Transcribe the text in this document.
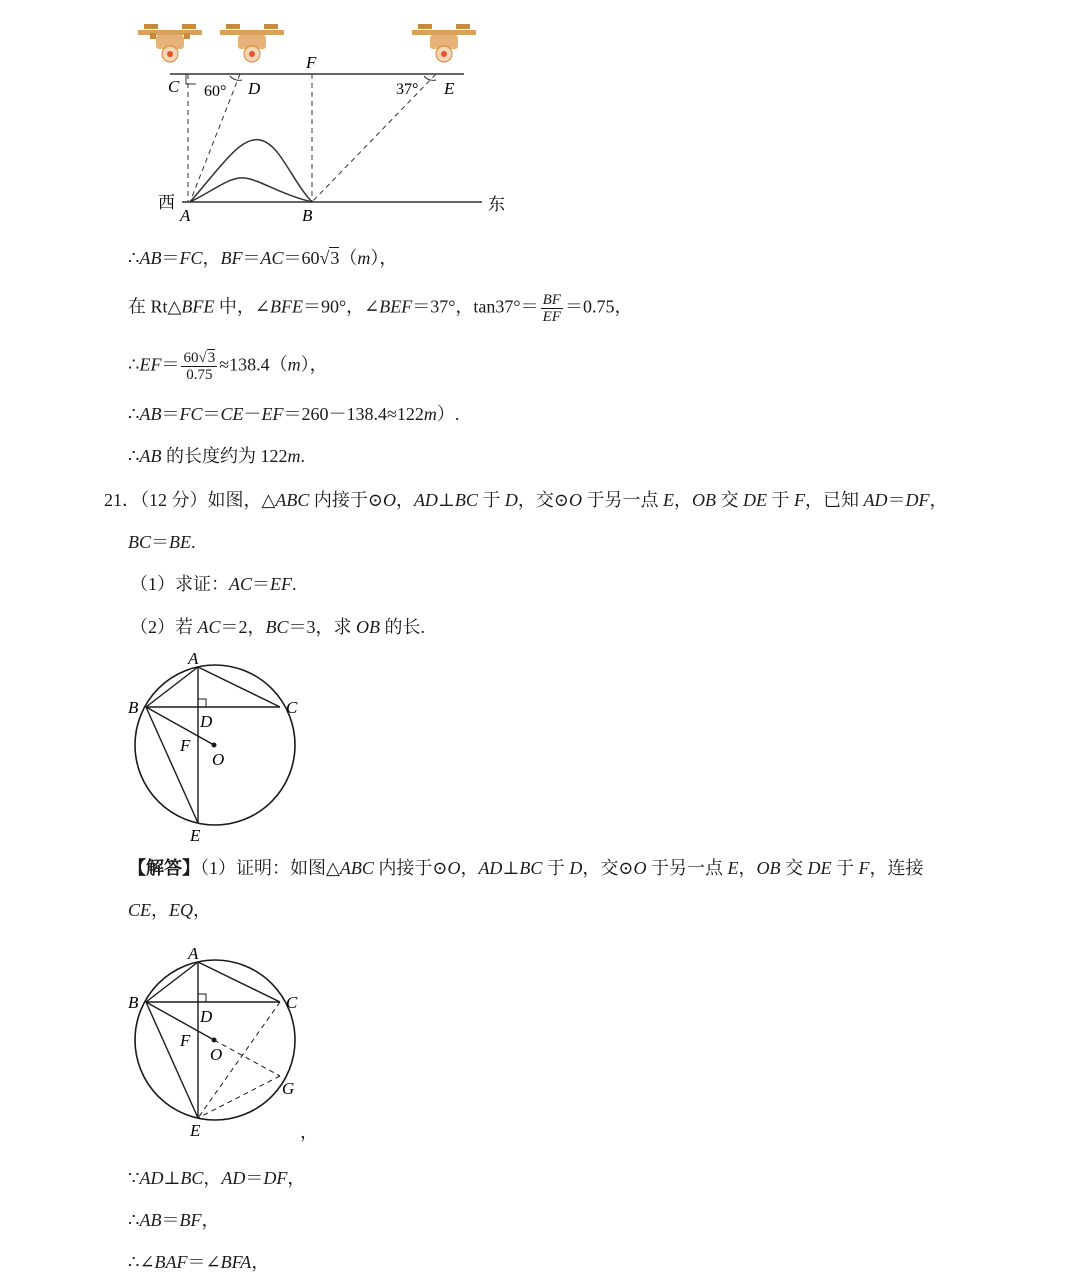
C 60° D
F
37° E
西
A	B
东
∴AB＝FC，BF＝AC＝60√3（m），
在 Rt△BFE 中，∠BFE＝90°，∠BEF＝37°，$\tan 37^\circ= \frac{BF}{EF} =0.75$，
∴EF＝ $\frac{60√3}{0.75} \approx 138.4(m)$，
∴AB＝FC＝CE－EF＝260－138.4≈122m）.
∴AB 的长度约为 122m.
21．（12 分）如图，△ABC 内接于⊙O，AD⊥BC 于 D，交⊙O 于另一点 E，OB 交 DE 于 F，已知 AD＝DF，
BC＝BE.
（1）求证：AC＝EF.
（2）若 AC＝2，BC＝3，求 OB 的长.
A
B	C
D
F
O
E
【解答】（1）证明：如图△ABC 内接于⊙O，AD⊥BC 于 D，交⊙O 于另一点 E，OB 交 DE 于 F，连接
CE，EQ，
A
B	C
D
F
O
G
E	，
∵AD⊥BC，AD＝DF，
∴AB＝BF，
∴∠BAF＝∠BFA，
